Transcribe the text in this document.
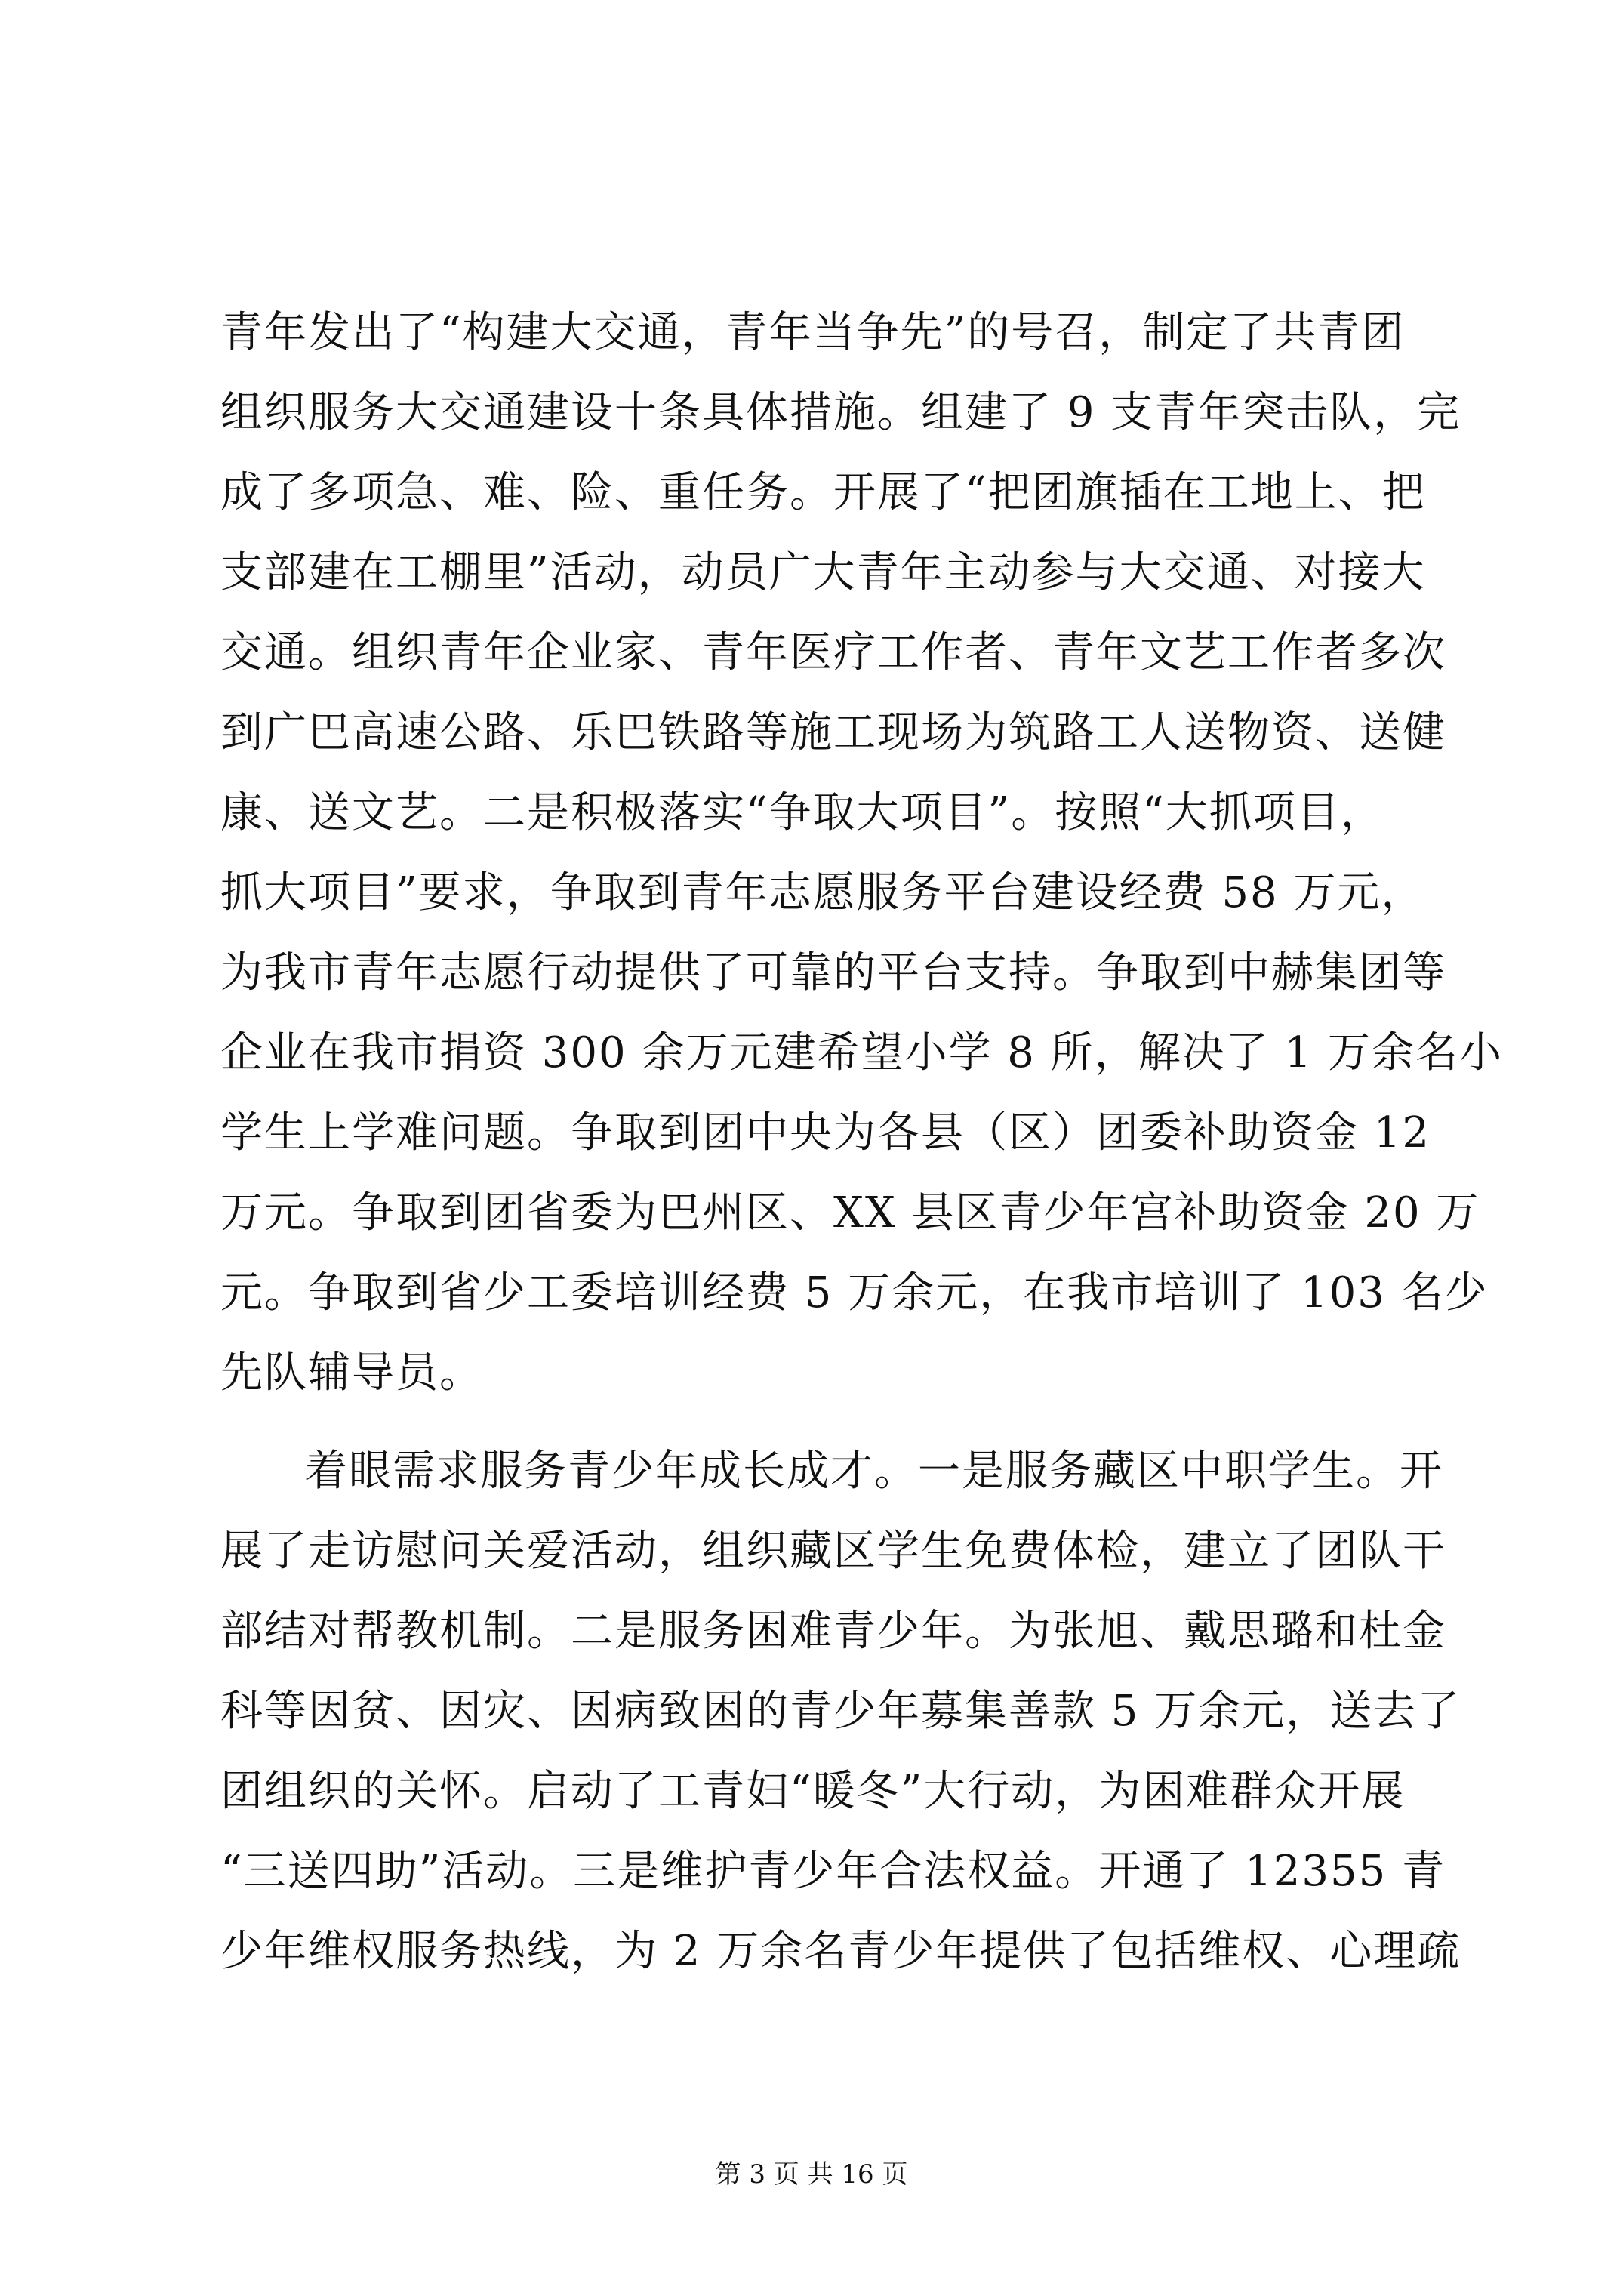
青年发出了“构建大交通，青年当争先”的号召，制定了共青团
组织服务大交通建设十条具体措施。组建了 9 支青年突击队，完
成了多项急、难、险、重任务。开展了“把团旗插在工地上、把
支部建在工棚里”活动，动员广大青年主动参与大交通、对接大
交通。组织青年企业家、青年医疗工作者、青年文艺工作者多次
到广巴高速公路、乐巴铁路等施工现场为筑路工人送物资、送健
康、送文艺。二是积极落实“争取大项目”。按照“大抓项目，
抓大项目”要求，争取到青年志愿服务平台建设经费 58 万元，
为我市青年志愿行动提供了可靠的平台支持。争取到中赫集团等
企业在我市捐资 300 余万元建希望小学 8 所，解决了 1 万余名小
学生上学难问题。争取到团中央为各县（区）团委补助资金 12
万元。争取到团省委为巴州区、XX 县区青少年宫补助资金 20 万
元。争取到省少工委培训经费 5 万余元，在我市培训了 103 名少
先队辅导员。
着眼需求服务青少年成长成才。一是服务藏区中职学生。开
展了走访慰问关爱活动，组织藏区学生免费体检，建立了团队干
部结对帮教机制。二是服务困难青少年。为张旭、戴思璐和杜金
科等因贫、因灾、因病致困的青少年募集善款 5 万余元，送去了
团组织的关怀。启动了工青妇“暖冬”大行动，为困难群众开展
“三送四助”活动。三是维护青少年合法权益。开通了 12355 青
少年维权服务热线，为 2 万余名青少年提供了包括维权、心理疏
第 3 页 共 16 页
